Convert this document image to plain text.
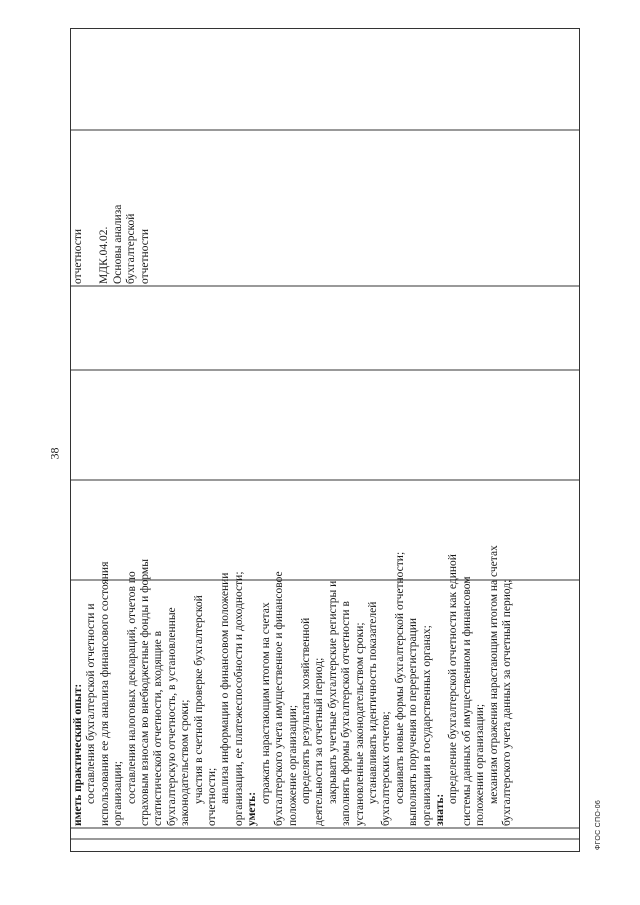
38
иметь практический опыт: составления бухгалтерской отчетности и использования ее для анализа финансового состояния организации; составления налоговых деклараций, отчетов по страховым взносам во внебюджетные фонды и формы статистической отчетности, входящие в бухгалтерскую отчетность, в установленные законодательством сроки; участия в счетной проверке бухгалтерской отчетности; анализа информации о финансовом положении организации, ее платежеспособности и доходности; уметь:
отражать нарастающим итогом на счетах бухгалтерского учета имущественное и финансовое положение организации; определять результаты хозяйственной деятельности за отчетный период; закрывать учетные бухгалтерские регистры и заполнять формы бухгалтерской отчетности в установленные законодательством сроки; устанавливать идентичность показателей бухгалтерских отчетов; осваивать новые формы бухгалтерской отчетности; выполнять поручения по перерегистрации организации в государственных органах; знать:
определение бухгалтерской отчетности как единой системы данных об имущественном и финансовом положении организации; механизм отражения нарастающим итогом на счетах бухгалтерского учета данных за отчетный период;
отчетности МДК.04.02. Основы анализа бухгалтерской отчетности
ФГОС СПО-06
